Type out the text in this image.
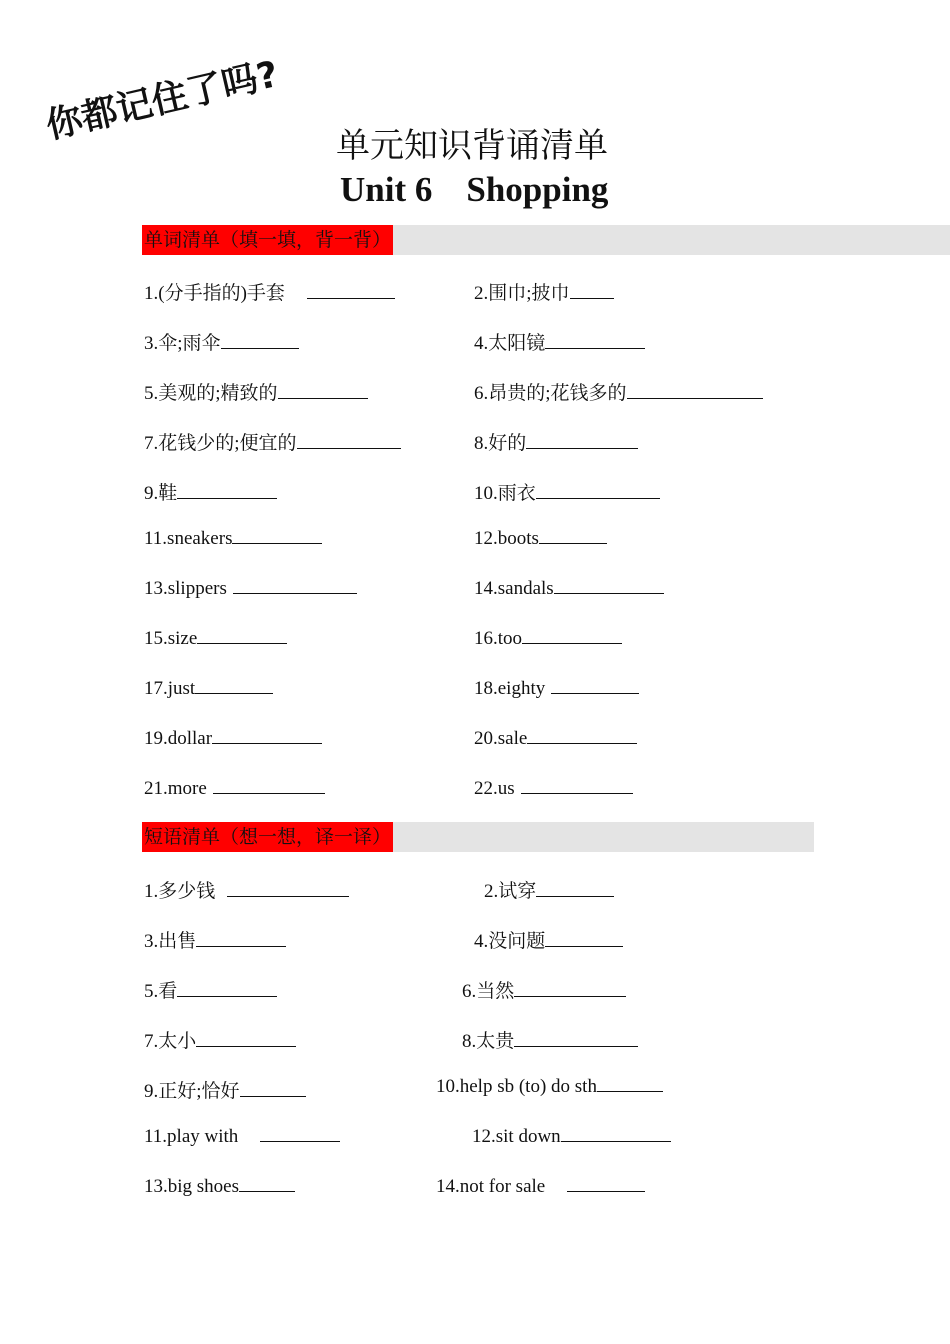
你都记住了吗? 单元知识背诵清单
Unit 6 Shopping
单词清单（填一填，背一背）
1.(分手指的)手套	2.围巾;披巾
3.伞;雨伞	4.太阳镜
5.美观的;精致的	6.昂贵的;花钱多的
7.花钱少的;便宜的	8.好的
9.鞋	10.雨衣
11.sneakers	12.boots
13.slippers	14.sandals
15.size	16.too
17.just	18.eighty
19.dollar	20.sale
21.more	22.us
短语清单（想一想，译一译）
1.多少钱	2.试穿
3.出售	4.没问题
5.看	6.当然
7.太小	8.太贵
9.正好;恰好	10.help sb (to) do sth
11.play with	12.sit down
13.big shoes	14.not for sale
